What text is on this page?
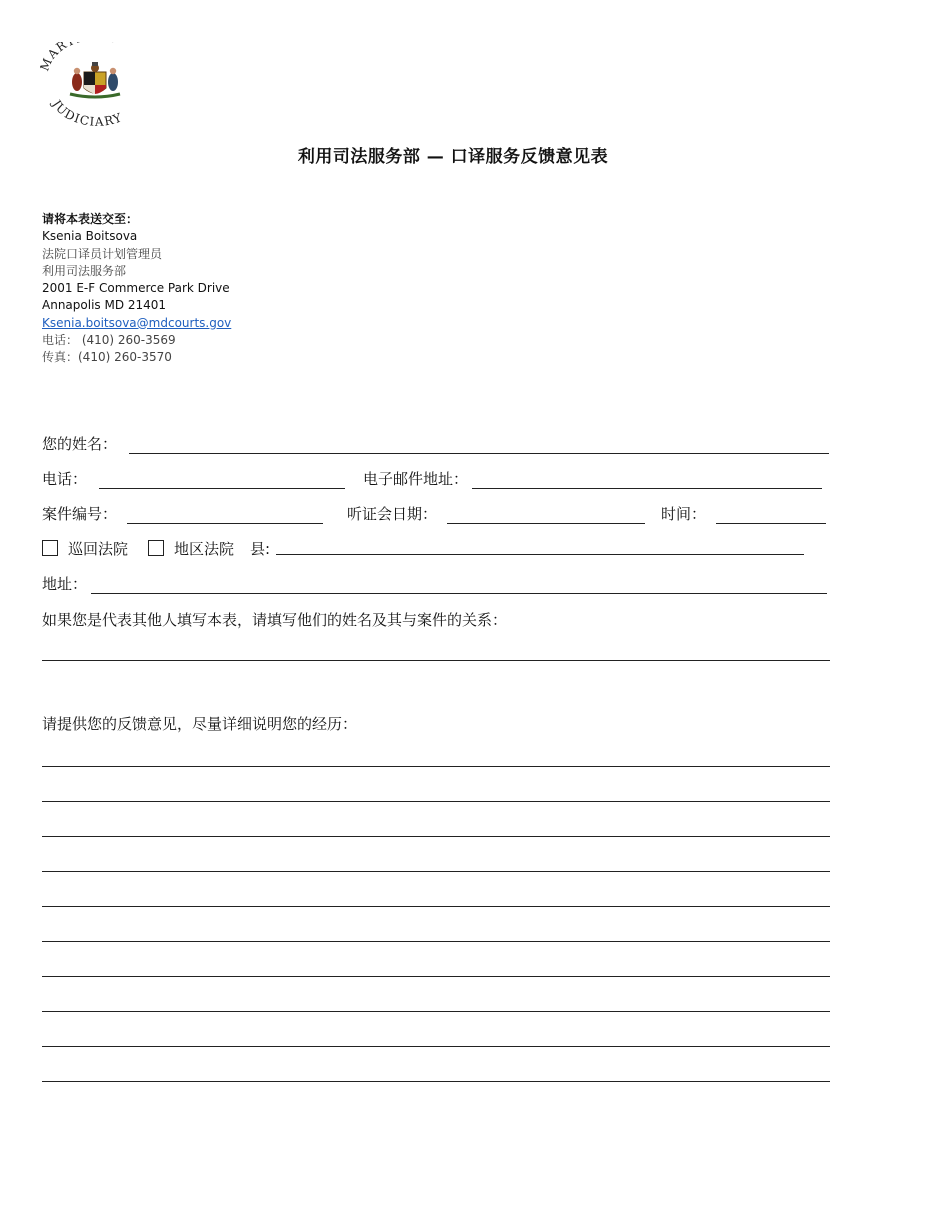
AR
JUDICIARY
利用司法服务部 — 口译服务反馈意见表
请将本表送交至：
Ksenia Boitsova
法院口译员计划管理员
利用司法服务部
2001 E-F Commerce Park Drive
Annapolis MD 21401
Ksenia.boitsova@mdcourts.gov
电话： (410) 260-3569
传真：(410) 260-3570
您的姓名：
电话：	电子邮件地址：
案件编号：	听证会日期：	时间：
巡回法院	地区法院 县:
地址：
如果您是代表其他人填写本表，请填写他们的姓名及其与案件的关系：
请提供您的反馈意见，尽量详细说明您的经历：
